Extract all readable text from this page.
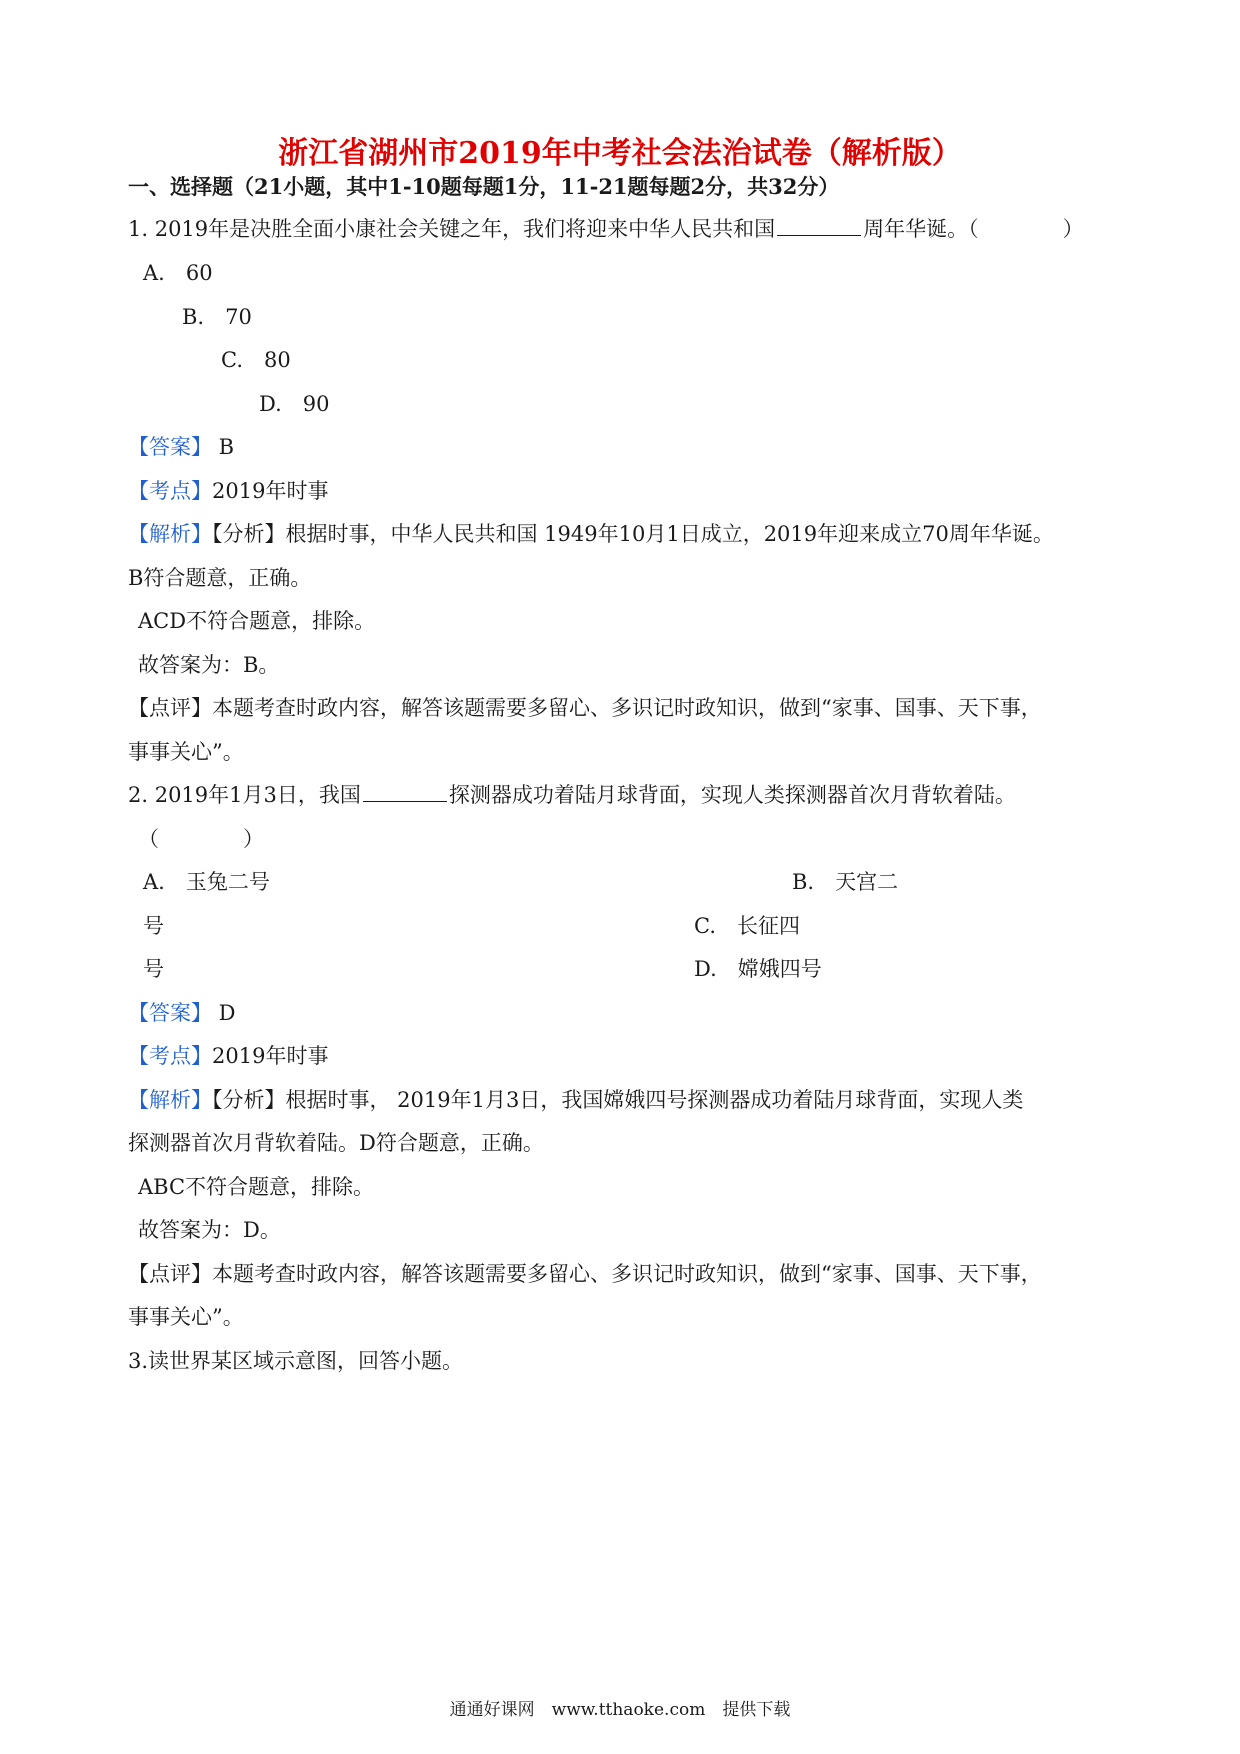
浙江省湖州市2019年中考社会法治试卷（解析版）
一、选择题（21小题，其中1-10题每题1分，11-21题每题2分，共32分）
1. 2019年是决胜全面小康社会关键之年，我们将迎来中华人民共和国	周年华诞。（　　　　）
A.　60
B.　70
C.　80
D.　90
【答案】 B
【考点】2019年时事
【解析】【分析】根据时事，中华人民共和国 1949年10月1日成立，2019年迎来成立70周年华诞。
B符合题意，正确。
ACD不符合题意，排除。
故答案为：B。
【点评】本题考查时政内容，解答该题需要多留心、多识记时政知识，做到“家事、国事、天下事，
事事关心”。
2. 2019年1月3日，我国	探测器成功着陆月球背面，实现人类探测器首次月背软着陆。
（　　　　）
A.　玉兔二号	B.　天宫二
号	C.　长征四
号	D.　嫦娥四号
【答案】 D
【考点】2019年时事
【解析】【分析】根据时事， 2019年1月3日，我国嫦娥四号探测器成功着陆月球背面，实现人类
探测器首次月背软着陆。D符合题意，正确。
ABC不符合题意，排除。
故答案为：D。
【点评】本题考查时政内容，解答该题需要多留心、多识记时政知识，做到“家事、国事、天下事，
事事关心”。
3.读世界某区域示意图，回答小题。
通通好课网　www.tthaoke.com　提供下载
